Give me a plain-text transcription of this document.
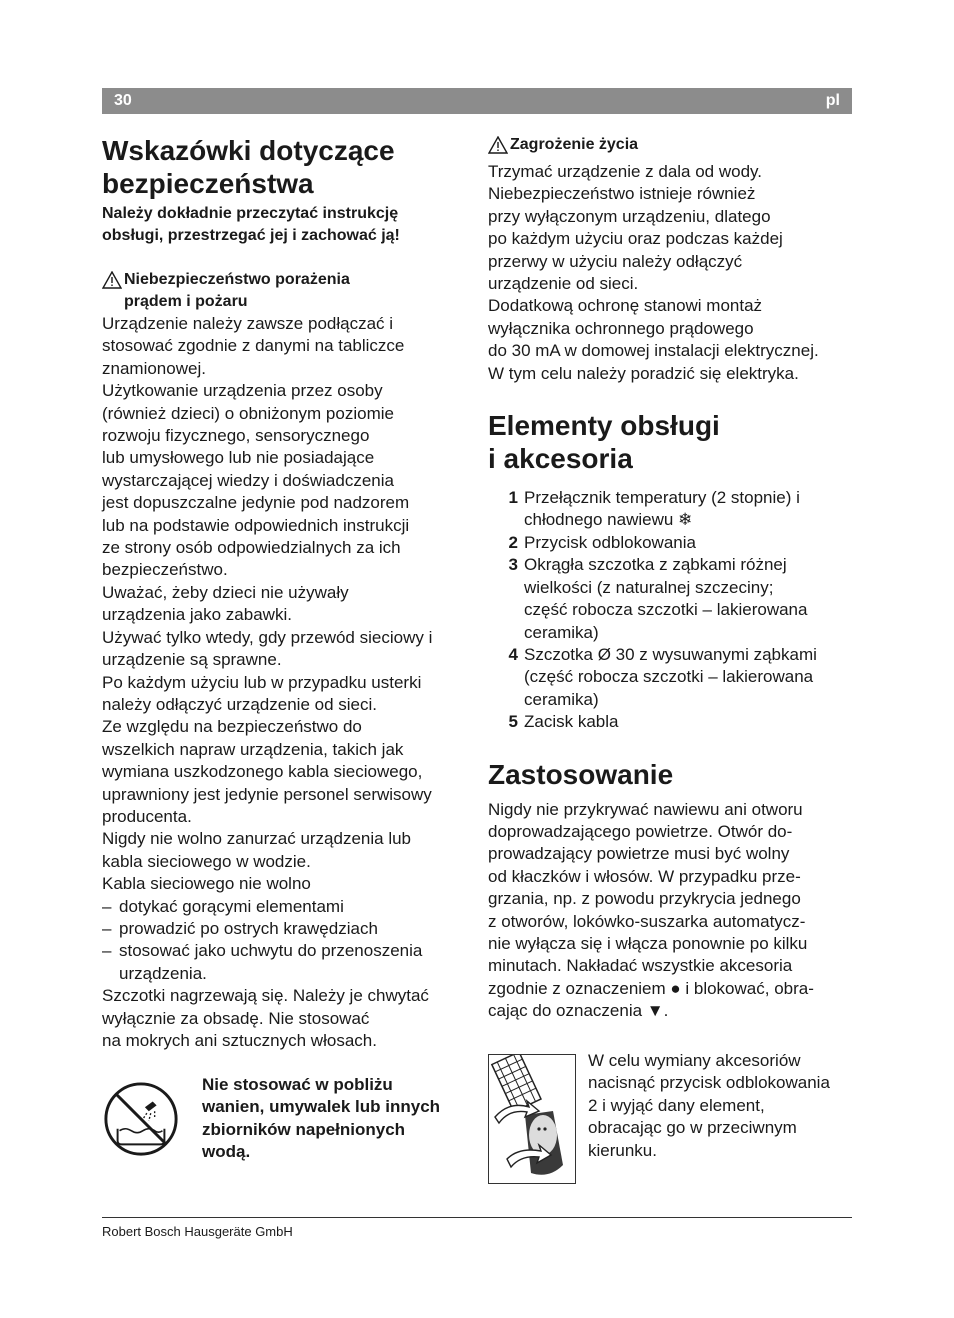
30	pl
Wskazówki dotyczące
bezpieczeństwa

Należy dokładnie przeczytać instrukcję
obsługi, przestrzegać jej i zachować ją!

Niebezpieczeństwo porażenia
prądem i pożaru

Urządzenie należy zawsze podłączać i

stosować zgodnie z danymi na tabliczce

znamionowej.

Użytkowanie urządzenia przez osoby

(również dzieci) o obniżonym poziomie

rozwoju fizycznego, sensorycznego

lub umysłowego lub nie posiadające

wystarczającej wiedzy i doświadczenia

jest dopuszczalne jedynie pod nadzorem

lub na podstawie odpowiednich instrukcji

ze strony osób odpowiedzialnych za ich

bezpieczeństwo.

Uważać, żeby dzieci nie używały

urządzenia jako zabawki.

Używać tylko wtedy, gdy przewód sieciowy i

urządzenie są sprawne.

Po każdym użyciu lub w przypadku usterki

należy odłączyć urządzenie od sieci.

Ze względu na bezpieczeństwo do

wszelkich napraw urządzenia, takich jak

wymiana uszkodzonego kabla sieciowego,

uprawniony jest jedynie personel serwisowy

producenta.

Nigdy nie wolno zanurzać urządzenia lub

kabla sieciowego w wodzie.

Kabla sieciowego nie wolno

– dotykać gorącymi elementami
– prowadzić po ostrych krawędziach
– stosować jako uchwytu do przenoszenia
urządzenia.

Szczotki nagrzewają się. Należy je chwytać

wyłącznie za obsadę. Nie stosować

na mokrych ani sztucznych włosach.

Nie stosować w pobliżu
wanien, umywalek lub innych
zbiorników napełnionych
wodą.
Zagrożenie życia

Trzymać urządzenie z dala od wody.

Niebezpieczeństwo istnieje również

przy wyłączonym urządzeniu, dlatego

po każdym użyciu oraz podczas każdej

przerwy w użyciu należy odłączyć

urządzenie od sieci.

Dodatkową ochronę stanowi montaż

wyłącznika ochronnego prądowego

do 30 mA w domowej instalacji elektrycznej.

W tym celu należy poradzić się elektryka.

Elementy obsługi
i akcesoria
1 Przełącznik temperatury (2 stopnie) i
chłodnego nawiewu ❄
2 Przycisk odblokowania
3 Okrągła szczotka z ząbkami różnej
wielkości (z naturalnej szczeciny;
część robocza szczotki – lakierowana
ceramika)
4 Szczotka Ø 30 z wysuwanymi ząbkami
(część robocza szczotki – lakierowana
ceramika)
5 Zacisk kabla
Zastosowanie

Nigdy nie przykrywać nawiewu ani otworu

doprowadzającego powietrze. Otwór do-

prowadzający powietrze musi być wolny

od kłaczków i włosów. W przypadku prze-

grzania, np. z powodu przykrycia jednego

z otworów, lokówko-suszarka automatycz-

nie wyłącza się i włącza ponownie po kilku

minutach. Nakładać wszystkie akcesoria

zgodnie z oznaczeniem ● i blokować, obra-

cając do oznaczenia ▼.

W celu wymiany akcesoriów

nacisnąć przycisk odblokowania

2 i wyjąć dany element,

obracając go w przeciwnym

kierunku.

Robert Bosch Hausgeräte GmbH
